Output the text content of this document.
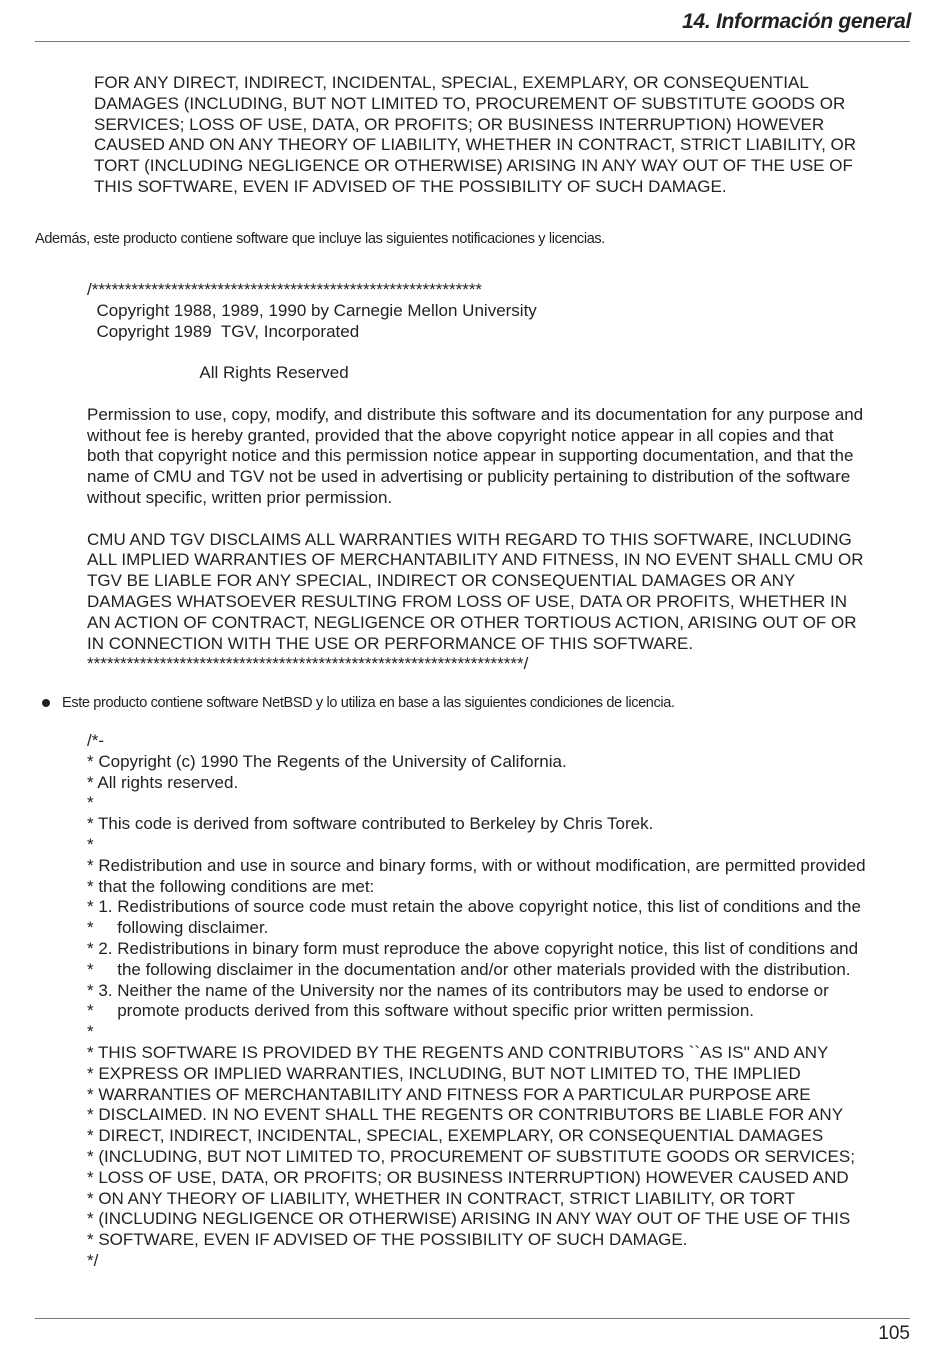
14. Información general
FOR ANY DIRECT, INDIRECT, INCIDENTAL, SPECIAL, EXEMPLARY, OR CONSEQUENTIAL
DAMAGES (INCLUDING, BUT NOT LIMITED TO, PROCUREMENT OF SUBSTITUTE GOODS OR
SERVICES; LOSS OF USE, DATA, OR PROFITS; OR BUSINESS INTERRUPTION) HOWEVER
CAUSED AND ON ANY THEORY OF LIABILITY, WHETHER IN CONTRACT, STRICT LIABILITY, OR
TORT (INCLUDING NEGLIGENCE OR OTHERWISE) ARISING IN ANY WAY OUT OF THE USE OF
THIS SOFTWARE, EVEN IF ADVISED OF THE POSSIBILITY OF SUCH DAMAGE.
Además, este producto contiene software que incluye las siguientes notificaciones y licencias.
/***********************************************************
Copyright 1988, 1989, 1990 by Carnegie Mellon University
Copyright 1989  TGV, Incorporated

All Rights Reserved

Permission to use, copy, modify, and distribute this software and its documentation for any purpose and
without fee is hereby granted, provided that the above copyright notice appear in all copies and that
both that copyright notice and this permission notice appear in supporting documentation, and that the
name of CMU and TGV not be used in advertising or publicity pertaining to distribution of the software
without specific, written prior permission.

CMU AND TGV DISCLAIMS ALL WARRANTIES WITH REGARD TO THIS SOFTWARE, INCLUDING
ALL IMPLIED WARRANTIES OF MERCHANTABILITY AND FITNESS, IN NO EVENT SHALL CMU OR
TGV BE LIABLE FOR ANY SPECIAL, INDIRECT OR CONSEQUENTIAL DAMAGES OR ANY
DAMAGES WHATSOEVER RESULTING FROM LOSS OF USE, DATA OR PROFITS, WHETHER IN
AN ACTION OF CONTRACT, NEGLIGENCE OR OTHER TORTIOUS ACTION, ARISING OUT OF OR
IN CONNECTION WITH THE USE OR PERFORMANCE OF THIS SOFTWARE.
******************************************************************/
Este producto contiene software NetBSD y lo utiliza en base a las siguientes condiciones de licencia.
/*-
* Copyright (c) 1990 The Regents of the University of California.
* All rights reserved.
*
* This code is derived from software contributed to Berkeley by Chris Torek.
*
* Redistribution and use in source and binary forms, with or without modification, are permitted provided
* that the following conditions are met:
* 1. Redistributions of source code must retain the above copyright notice, this list of conditions and the
*     following disclaimer.
* 2. Redistributions in binary form must reproduce the above copyright notice, this list of conditions and
*     the following disclaimer in the documentation and/or other materials provided with the distribution.
* 3. Neither the name of the University nor the names of its contributors may be used to endorse or
*     promote products derived from this software without specific prior written permission.
*
* THIS SOFTWARE IS PROVIDED BY THE REGENTS AND CONTRIBUTORS ``AS IS'' AND ANY
* EXPRESS OR IMPLIED WARRANTIES, INCLUDING, BUT NOT LIMITED TO, THE IMPLIED
* WARRANTIES OF MERCHANTABILITY AND FITNESS FOR A PARTICULAR PURPOSE ARE
* DISCLAIMED. IN NO EVENT SHALL THE REGENTS OR CONTRIBUTORS BE LIABLE FOR ANY
* DIRECT, INDIRECT, INCIDENTAL, SPECIAL, EXEMPLARY, OR CONSEQUENTIAL DAMAGES
* (INCLUDING, BUT NOT LIMITED TO, PROCUREMENT OF SUBSTITUTE GOODS OR SERVICES;
* LOSS OF USE, DATA, OR PROFITS; OR BUSINESS INTERRUPTION) HOWEVER CAUSED AND
* ON ANY THEORY OF LIABILITY, WHETHER IN CONTRACT, STRICT LIABILITY, OR TORT
* (INCLUDING NEGLIGENCE OR OTHERWISE) ARISING IN ANY WAY OUT OF THE USE OF THIS
* SOFTWARE, EVEN IF ADVISED OF THE POSSIBILITY OF SUCH DAMAGE.
*/
105
